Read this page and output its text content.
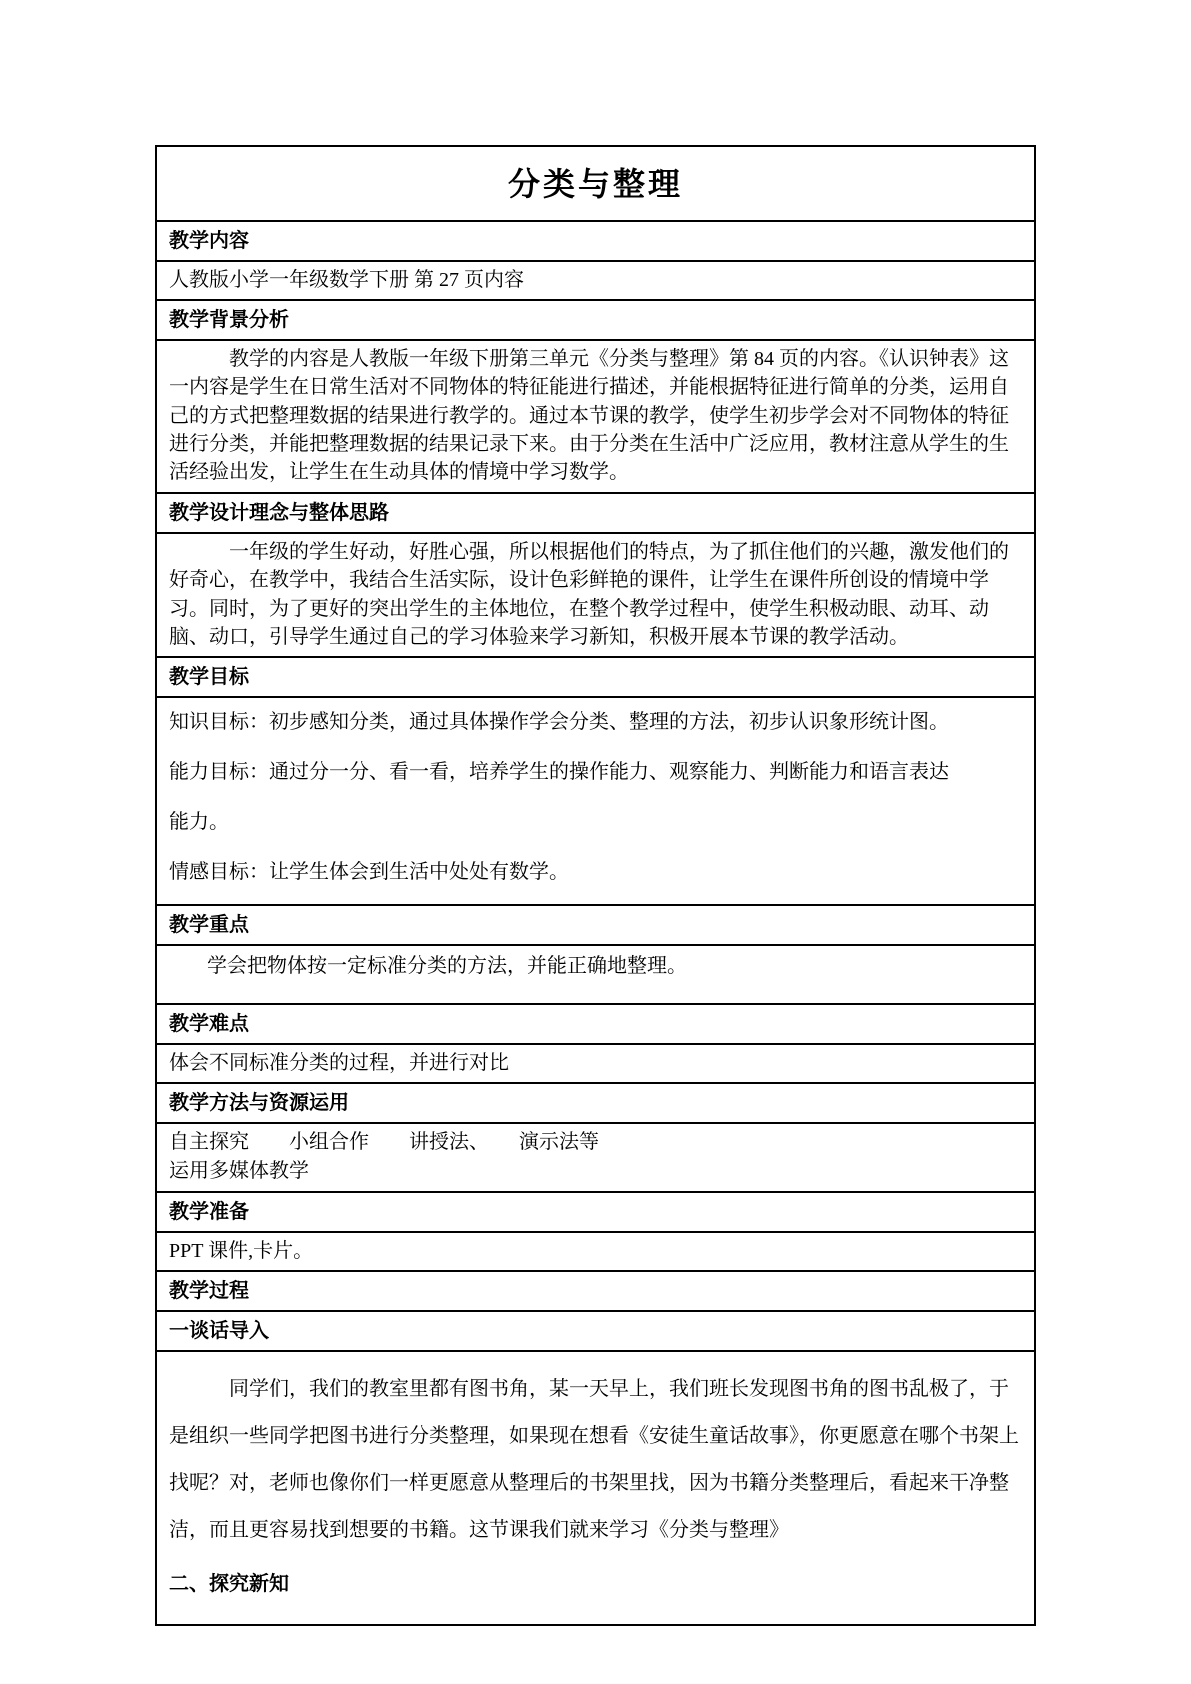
分类与整理
教学内容
人教版小学一年级数学下册 第 27 页内容
教学背景分析

教学的内容是人教版一年级下册第三单元《分类与整理》第 84 页的内容。《认识钟表》这一内容是学生在日常生活对不同物体的特征能进行描述，并能根据特征进行简单的分类，运用自己的方式把整理数据的结果进行教学的。通过本节课的教学，使学生初步学会对不同物体的特征进行分类，并能把整理数据的结果记录下来。由于分类在生活中广泛应用，教材注意从学生的生活经验出发，让学生在生动具体的情境中学习数学。

教学设计理念与整体思路

一年级的学生好动，好胜心强，所以根据他们的特点，为了抓住他们的兴趣，激发他们的好奇心，在教学中，我结合生活实际，设计色彩鲜艳的课件，让学生在课件所创设的情境中学习。同时，为了更好的突出学生的主体地位，在整个教学过程中，使学生积极动眼、动耳、动脑、动口，引导学生通过自己的学习体验来学习新知，积极开展本节课的教学活动。

教学目标

知识目标：初步感知分类，通过具体操作学会分类、整理的方法，初步认识象形统计图。

能力目标：通过分一分、看一看，培养学生的操作能力、观察能力、判断能力和语言表达

能力。

情感目标：让学生体会到生活中处处有数学。

教学重点

学会把物体按一定标准分类的方法，并能正确地整理。

教学难点
体会不同标准分类的过程，并进行对比
教学方法与资源运用

自主探究　　小组合作　　讲授法、　　演示法等

运用多媒体教学

教学准备
PPT 课件,卡片。
教学过程
一谈话导入

同学们，我们的教室里都有图书角，某一天早上，我们班长发现图书角的图书乱极了，于是组织一些同学把图书进行分类整理，如果现在想看《安徒生童话故事》，你更愿意在哪个书架上找呢？对，老师也像你们一样更愿意从整理后的书架里找，因为书籍分类整理后，看起来干净整洁，而且更容易找到想要的书籍。这节课我们就来学习《分类与整理》

二、探究新知
